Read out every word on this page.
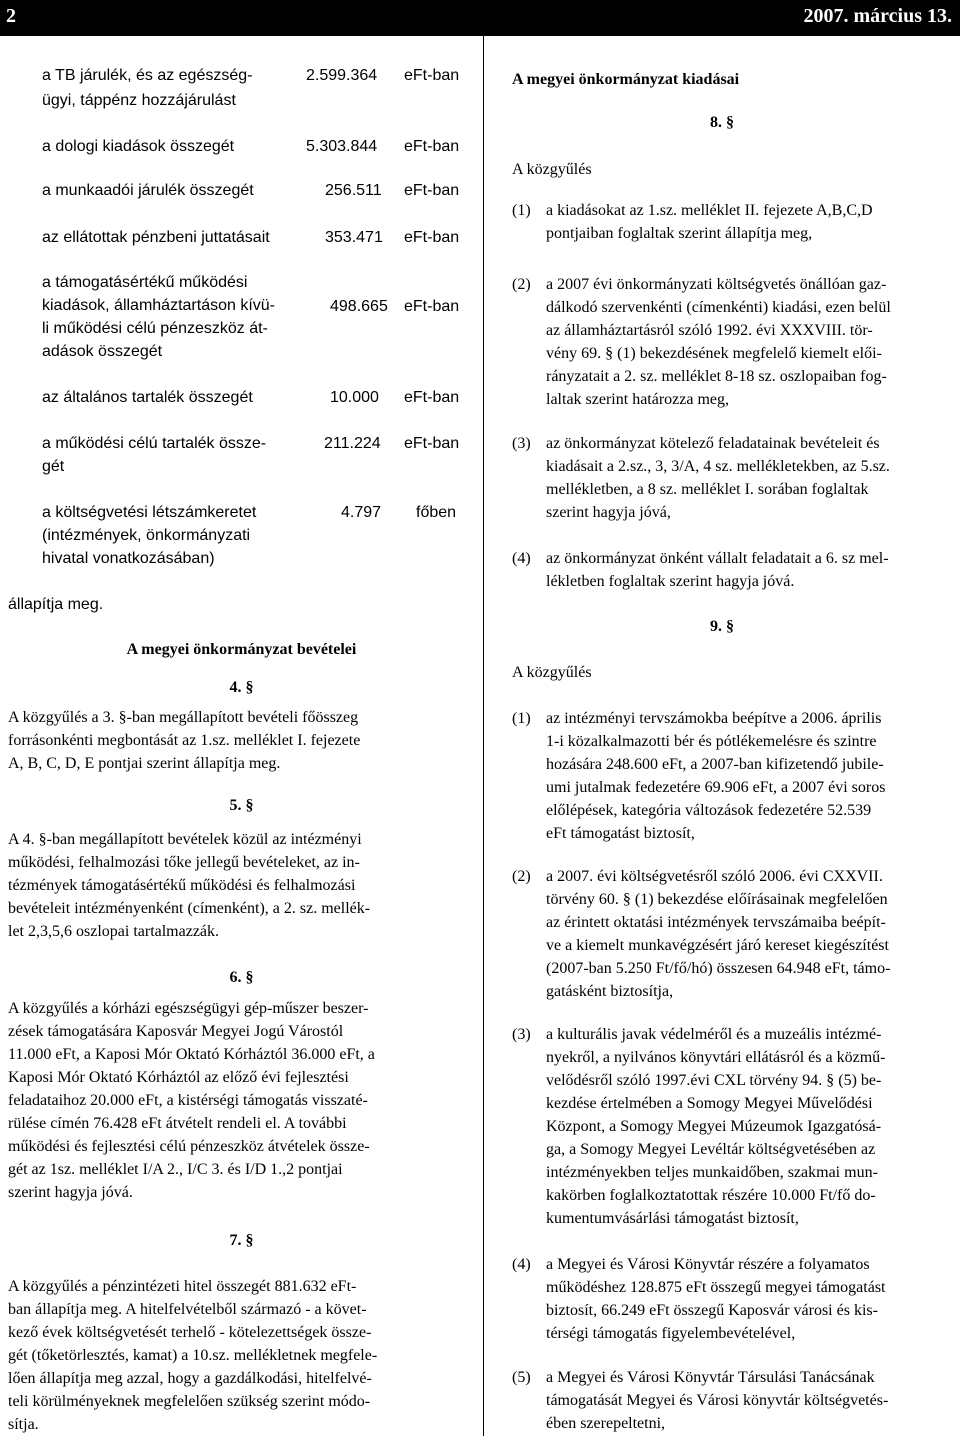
2	2007. március 13.
a TB járulék, és az egészség-
ügyi, táppénz hozzájárulást
2.599.364 eFt-ban
a dologi kiadások összegét	5.303.844 eFt-ban
a munkaadói járulék összegét	256.511 eFt-ban
az ellátottak pénzbeni juttatásait	353.471 eFt-ban
a támogatásértékű működési
kiadások, államháztartáson kívü-
li működési célú pénzeszköz át-
adások összegét
498.665 eFt-ban
az általános tartalék összegét	10.000 eFt-ban
a működési célú tartalék össze-
gét
211.224 eFt-ban
a költségvetési létszámkeretet
(intézmények, önkormányzati
hivatal vonatkozásában)
4.797 főben
állapítja meg.
A megyei önkormányzat bevételei
4. §
A közgyűlés a 3. §-ban megállapított bevételi főösszeg
forrásonkénti megbontását az 1.sz. melléklet I. fejezete
A, B, C, D, E pontjai szerint állapítja meg.
5. §
A 4. §-ban megállapított bevételek közül az intézményi
működési, felhalmozási tőke jellegű bevételeket, az in-
tézmények támogatásértékű működési és felhalmozási
bevételeit intézményenként (címenként), a 2. sz. mellék-
let 2,3,5,6 oszlopai tartalmazzák.
6. §
A közgyűlés a kórházi egészségügyi gép-műszer beszer-
zések támogatására Kaposvár Megyei Jogú Várostól
11.000 eFt, a Kaposi Mór Oktató Kórháztól 36.000 eFt, a
Kaposi Mór Oktató Kórháztól az előző évi fejlesztési
feladataihoz 20.000 eFt, a kistérségi támogatás visszaté-
rülése címén 76.428 eFt átvételt rendeli el. A további
működési és fejlesztési célú pénzeszköz átvételek össze-
gét az 1sz. melléklet I/A 2., I/C 3. és I/D 1.,2 pontjai
szerint hagyja jóvá.
7. §
A közgyűlés a pénzintézeti hitel összegét 881.632 eFt-
ban állapítja meg. A hitelfelvételből származó - a követ-
kező évek költségvetését terhelő - kötelezettségek össze-
gét (tőketörlesztés, kamat) a 10.sz. mellékletnek megfele-
lően állapítja meg azzal, hogy a gazdálkodási, hitelfelvé-
teli körülményeknek megfelelően szükség szerint módo-
sítja.
A megyei önkormányzat kiadásai
8. §
A közgyűlés
(1) a kiadásokat az 1.sz. melléklet II. fejezete A,B,C,D
pontjaiban foglaltak szerint állapítja meg,
(2) a 2007 évi önkormányzati költségvetés önállóan gaz-
dálkodó szervenkénti (címenkénti) kiadási, ezen belül
az államháztartásról szóló 1992. évi XXXVIII. tör-
vény 69. § (1) bekezdésének megfelelő kiemelt elői-
rányzatait a 2. sz. melléklet 8-18 sz. oszlopaiban fog-
laltak szerint határozza meg,
(3) az önkormányzat kötelező feladatainak bevételeit és
kiadásait a 2.sz., 3, 3/A, 4 sz. mellékletekben, az 5.sz.
mellékletben, a 8 sz. melléklet I. sorában foglaltak
szerint hagyja jóvá,
(4) az önkormányzat önként vállalt feladatait a 6. sz mel-
lékletben foglaltak szerint hagyja jóvá.
9. §
A közgyűlés
(1) az intézményi tervszámokba beépítve a 2006. április
1-i közalkalmazotti bér és pótlékemelésre és szintre
hozására 248.600 eFt, a 2007-ban kifizetendő jubile-
umi jutalmak fedezetére 69.906 eFt, a 2007 évi soros
előlépések, kategória változások fedezetére 52.539
eFt támogatást biztosít,
(2) a 2007. évi költségvetésről szóló 2006. évi CXXVII.
törvény 60. § (1) bekezdése előírásainak megfelelően
az érintett oktatási intézmények tervszámaiba beépít-
ve a kiemelt munkavégzésért járó kereset kiegészítést
(2007-ban 5.250 Ft/fő/hó) összesen 64.948 eFt, támo-
gatásként biztosítja,
(3) a kulturális javak védelméről és a muzeális intézmé-
nyekről, a nyilvános könyvtári ellátásról és a közmű-
velődésről szóló 1997.évi CXL törvény 94. § (5) be-
kezdése értelmében a Somogy Megyei Művelődési
Központ, a Somogy Megyei Múzeumok Igazgatósá-
ga, a Somogy Megyei Levéltár költségvetésében az
intézményekben teljes munkaidőben, szakmai mun-
kakörben foglalkoztatottak részére 10.000 Ft/fő do-
kumentumvásárlási támogatást biztosít,
(4) a Megyei és Városi Könyvtár részére a folyamatos
működéshez 128.875 eFt összegű megyei támogatást
biztosít, 66.249 eFt összegű Kaposvár városi és kis-
térségi támogatás figyelembevételével,
(5) a Megyei és Városi Könyvtár Társulási Tanácsának
támogatását Megyei és Városi könyvtár költségvetés-
ében szerepeltetni,
